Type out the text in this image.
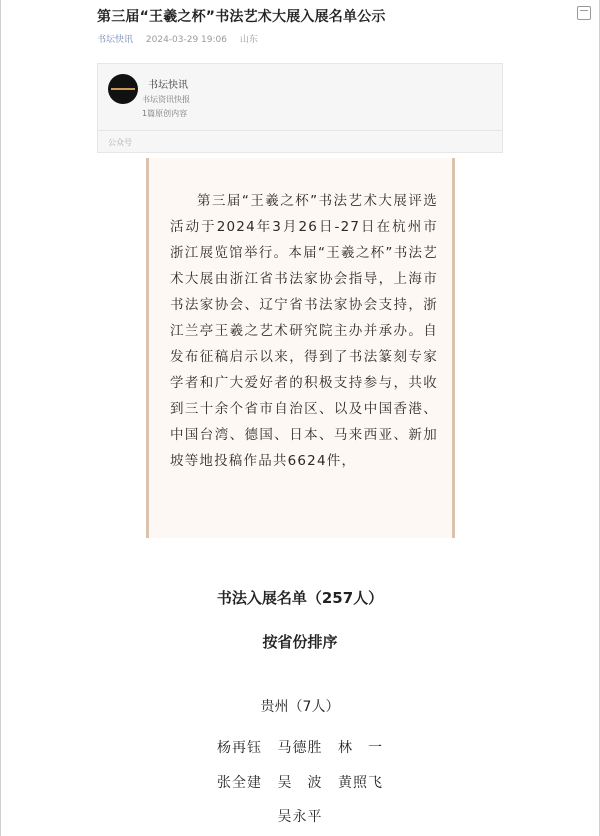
第三届“王羲之杯”书法艺术大展入展名单公示
书坛快讯 2024-03-29 19:06 山东
书坛快讯
书坛资讯快报
1篇原创内容
公众号
第三届“王羲之杯”书法艺术大展评选活动于2024年3月26日-27日在杭州市浙江展览馆举行。本届“王羲之杯”书法艺术大展由浙江省书法家协会指导，上海市书法家协会、辽宁省书法家协会支持，浙江兰亭王羲之艺术研究院主办并承办。自发布征稿启示以来，得到了书法篆刻专家学者和广大爱好者的积极支持参与，共收到三十余个省市自治区、以及中国香港、中国台湾、德国、日本、马来西亚、新加坡等地投稿作品共6624件，
书法入展名单（257人）
按省份排序
贵州（7人）
杨再钰 马德胜 林　一
张全建 吴　波 黄照飞
吴永平
